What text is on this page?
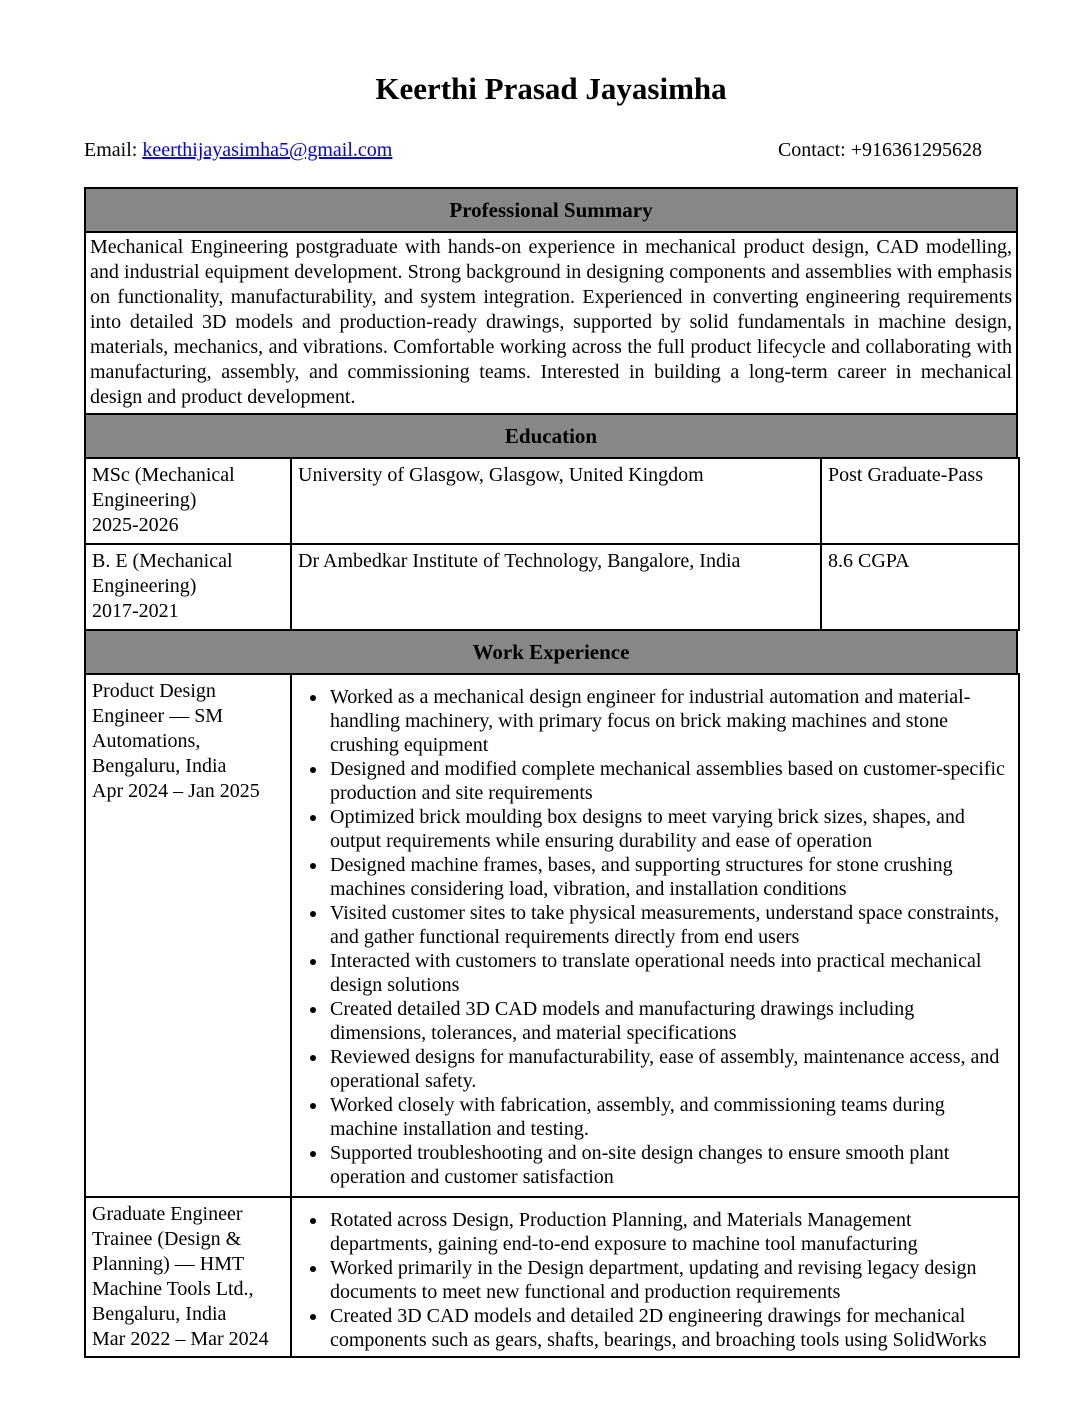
Keerthi Prasad Jayasimha
Email: keerthijayasimha5@gmail.com	Contact: +916361295628
Professional Summary
Mechanical Engineering postgraduate with hands-on experience in mechanical product design, CAD modelling, and industrial equipment development. Strong background in designing components and assemblies with emphasis on functionality, manufacturability, and system integration. Experienced in converting engineering requirements into detailed 3D models and production-ready drawings, supported by solid fundamentals in machine design, materials, mechanics, and vibrations. Comfortable working across the full product lifecycle and collaborating with manufacturing, assembly, and commissioning teams. Interested in building a long-term career in mechanical design and product development.
Education
MSc (Mechanical Engineering)
2025-2026	University of Glasgow, Glasgow, United Kingdom	Post Graduate-Pass

B. E (Mechanical Engineering)
2017-2021	Dr Ambedkar Institute of Technology, Bangalore, India	8.6 CGPA
Work Experience
Product Design Engineer — SM Automations, Bengaluru, India
Apr 2024 – Jan 2025

• Worked as a mechanical design engineer for industrial automation and material-handling machinery, with primary focus on brick making machines and stone crushing equipment
• Designed and modified complete mechanical assemblies based on customer-specific production and site requirements
• Optimized brick moulding box designs to meet varying brick sizes, shapes, and output requirements while ensuring durability and ease of operation
• Designed machine frames, bases, and supporting structures for stone crushing machines considering load, vibration, and installation conditions
• Visited customer sites to take physical measurements, understand space constraints, and gather functional requirements directly from end users
• Interacted with customers to translate operational needs into practical mechanical design solutions
• Created detailed 3D CAD models and manufacturing drawings including dimensions, tolerances, and material specifications
• Reviewed designs for manufacturability, ease of assembly, maintenance access, and operational safety.
• Worked closely with fabrication, assembly, and commissioning teams during machine installation and testing.
• Supported troubleshooting and on-site design changes to ensure smooth plant operation and customer satisfaction

Graduate Engineer Trainee (Design & Planning) — HMT Machine Tools Ltd., Bengaluru, India
Mar 2022 – Mar 2024

• Rotated across Design, Production Planning, and Materials Management departments, gaining end-to-end exposure to machine tool manufacturing
• Worked primarily in the Design department, updating and revising legacy design documents to meet new functional and production requirements
• Created 3D CAD models and detailed 2D engineering drawings for mechanical components such as gears, shafts, bearings, and broaching tools using SolidWorks
